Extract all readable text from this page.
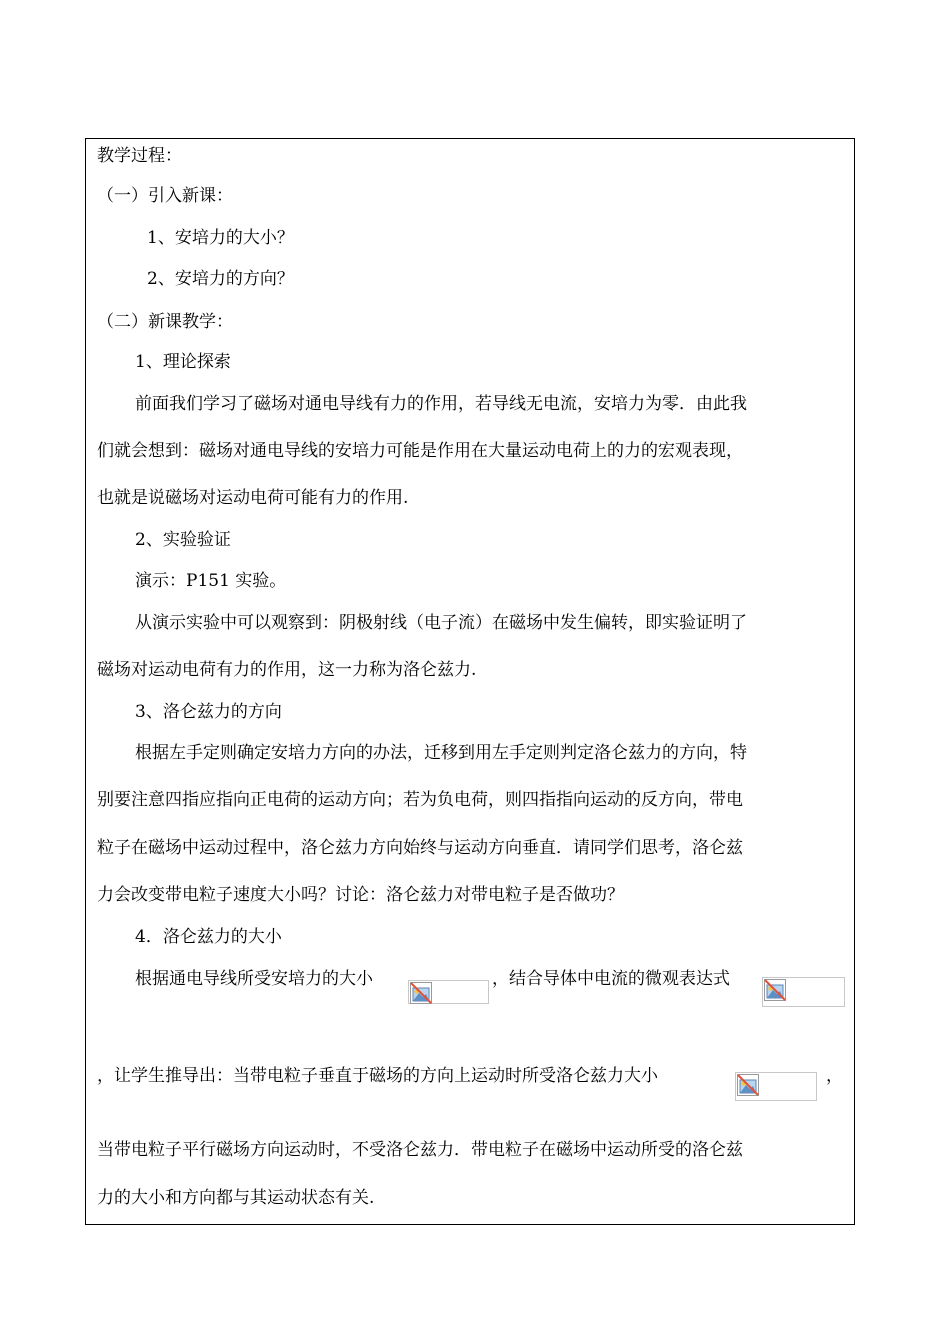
教学过程：
（一）引入新课：
1、安培力的大小？
2、安培力的方向？
（二）新课教学：
1、理论探索
前面我们学习了磁场对通电导线有力的作用，若导线无电流，安培力为零．由此我
们就会想到：磁场对通电导线的安培力可能是作用在大量运动电荷上的力的宏观表现，
也就是说磁场对运动电荷可能有力的作用.
2、实验验证
演示：P151 实验。
从演示实验中可以观察到：阴极射线（电子流）在磁场中发生偏转，即实验证明了
磁场对运动电荷有力的作用，这一力称为洛仑兹力.
3、洛仑兹力的方向
根据左手定则确定安培力方向的办法，迁移到用左手定则判定洛仑兹力的方向，特
别要注意四指应指向正电荷的运动方向；若为负电荷，则四指指向运动的反方向，带电
粒子在磁场中运动过程中，洛仑兹力方向始终与运动方向垂直．请同学们思考，洛仑兹
力会改变带电粒子速度大小吗？讨论：洛仑兹力对带电粒子是否做功？
4．洛仑兹力的大小
根据通电导线所受安培力的大小	，结合导体中电流的微观表达式
，让学生推导出：当带电粒子垂直于磁场的方向上运动时所受洛仑兹力大小	，
当带电粒子平行磁场方向运动时，不受洛仑兹力．带电粒子在磁场中运动所受的洛仑兹
力的大小和方向都与其运动状态有关.
